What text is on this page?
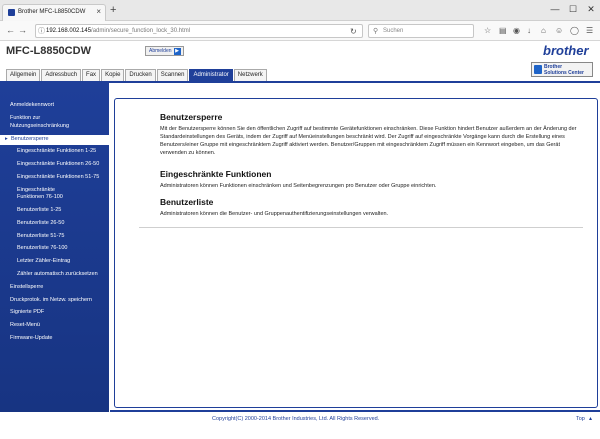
Brother MFC-L8850CDW × +	—	☐	✕
← → ⓘ 192.168.002.145/admin/secure_function_lock_30.html	↻ ⚲ Suchen	☆ ▤ ◉ ↓ ⌂ ☺ ◯ ☰
MFC-L8850CDW	Abmelden ▶	brother
Brother
Solutions Center
Allgemein	Adressbuch	Fax	Kopie	Drucken	Scannen	Administrator	Netzwerk
Anmeldekennwort
Funktion zur
Nutzungseinschränkung
▸ Benutzersperre
Eingeschränkte Funktionen 1-25
Eingeschränkte Funktionen 26-50
Eingeschränkte Funktionen 51-75
Eingeschränkte
Funktionen 76-100
Benutzerliste 1-25
Benutzerliste 26-50
Benutzerliste 51-75
Benutzerliste 76-100
Letzter Zähler-Eintrag
Zähler automatisch zurücksetzen
Einstellsperre
Druckprotok. im Netzw. speichern
Signierte PDF
Reset-Menü
Firmware-Update
Benutzersperre
Mit der Benutzersperre können Sie den öffentlichen Zugriff auf bestimmte Gerätefunktionen einschränken. Diese Funktion hindert Benutzer außerdem an der Änderung der Standardeinstellungen des Geräts, indem der Zugriff auf Menüeinstellungen beschränkt wird. Der Zugriff auf eingeschränkte Vorgänge kann durch die Erstellung eines Benutzers/einer Gruppe mit eingeschränktem Zugriff aktiviert werden. Benutzer/Gruppen mit eingeschränktem Zugriff müssen ein Kennwort eingeben, um das Gerät verwenden zu können.
Eingeschränkte Funktionen
Administratoren können Funktionen einschränken und Seitenbegrenzungen pro Benutzer oder Gruppe einrichten.
Benutzerliste
Administratoren können die Benutzer- und Gruppenauthentifizierungseinstellungen verwalten.
Copyright(C) 2000-2014 Brother Industries, Ltd. All Rights Reserved.	Top ▴
